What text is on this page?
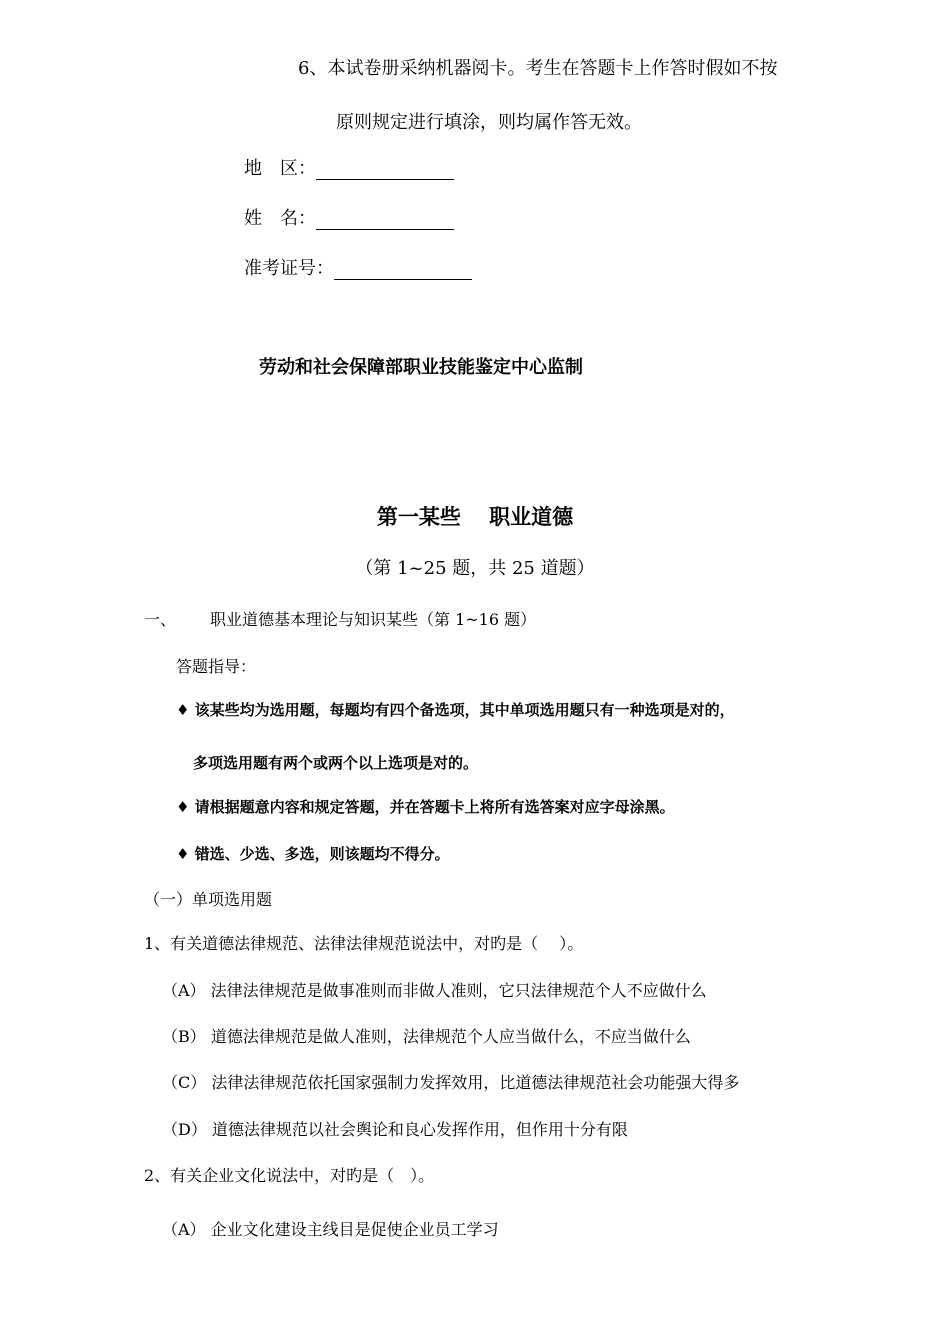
6、本试卷册采纳机器阅卡。考生在答题卡上作答时假如不按
原则规定进行填涂，则均属作答无效。
地　区：
姓　名：
准考证号：
劳动和社会保障部职业技能鉴定中心监制
第一某些　 职业道德
（第 1~25 题，共 25 道题）
一、 职业道德基本理论与知识某些（第 1~16 题）
答题指导：
♦ 该某些均为选用题，每题均有四个备选项，其中单项选用题只有一种选项是对的，
多项选用题有两个或两个以上选项是对的。
♦ 请根据题意内容和规定答题，并在答题卡上将所有选答案对应字母涂黑。
♦ 错选、少选、多选，则该题均不得分。
（一）单项选用题
1、有关道德法律规范、法律法律规范说法中，对旳是（　 ）。
（A） 法律法律规范是做事准则而非做人准则，它只法律规范个人不应做什么
（B） 道德法律规范是做人准则，法律规范个人应当做什么，不应当做什么
（C） 法律法律规范依托国家强制力发挥效用，比道德法律规范社会功能强大得多
（D） 道德法律规范以社会舆论和良心发挥作用，但作用十分有限
2、有关企业文化说法中，对旳是（　）。
（A） 企业文化建设主线目是促使企业员工学习
